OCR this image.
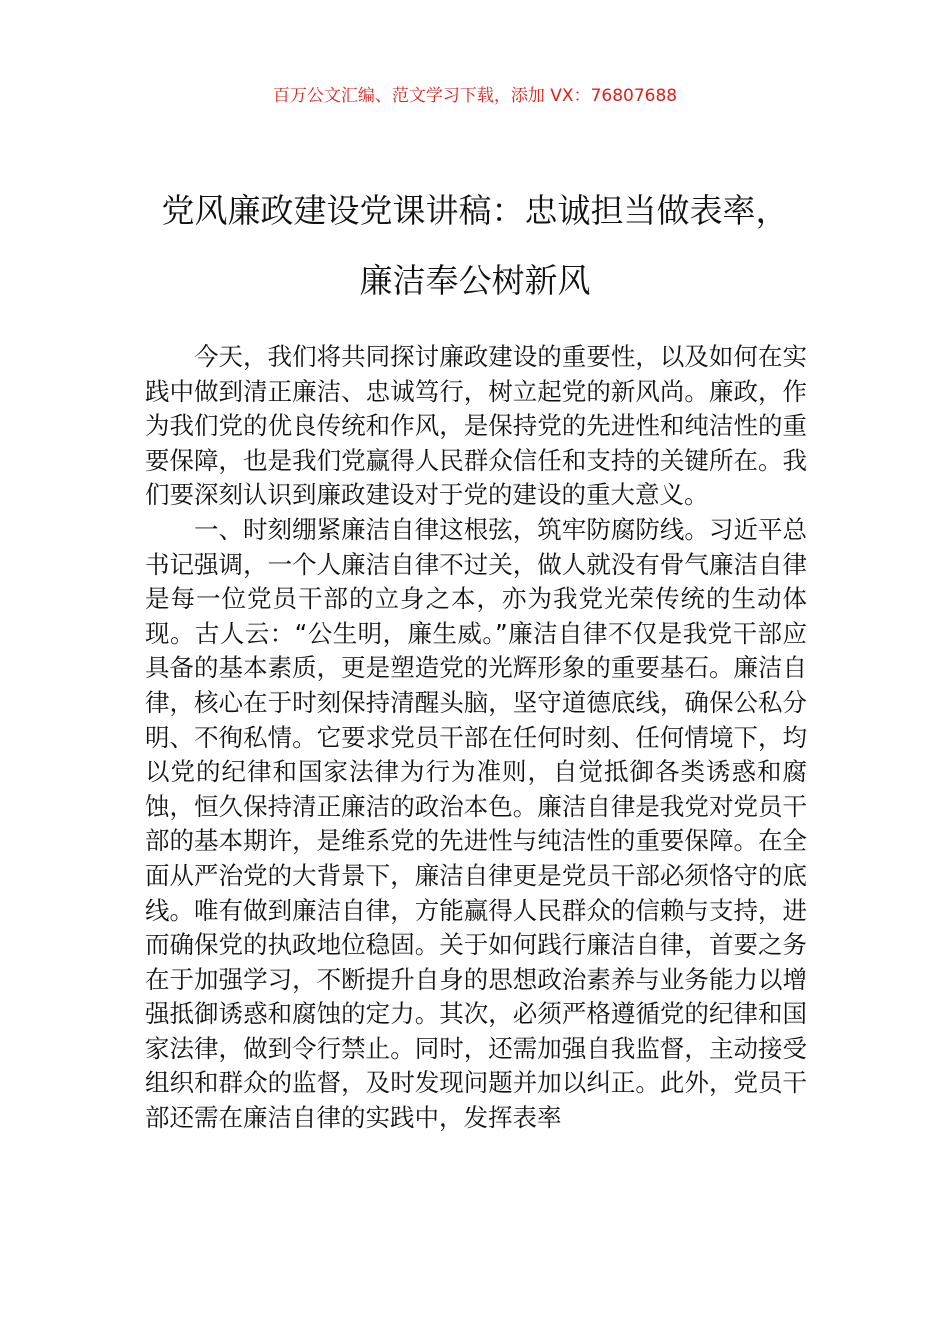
百万公文汇编、范文学习下载，添加 VX：76807688
党风廉政建设党课讲稿：忠诚担当做表率，
廉洁奉公树新风

今天，我们将共同探讨廉政建设的重要性，以及如何在实践中做到清正廉洁、忠诚笃行，树立起党的新风尚。廉政，作为我们党的优良传统和作风，是保持党的先进性和纯洁性的重要保障，也是我们党赢得人民群众信任和支持的关键所在。我们要深刻认识到廉政建设对于党的建设的重大意义。

一、时刻绷紧廉洁自律这根弦，筑牢防腐防线。习近平总书记强调，一个人廉洁自律不过关，做人就没有骨气廉洁自律是每一位党员干部的立身之本，亦为我党光荣传统的生动体现。古人云：“公生明，廉生威。”廉洁自律不仅是我党干部应具备的基本素质，更是塑造党的光辉形象的重要基石。廉洁自律，核心在于时刻保持清醒头脑，坚守道德底线，确保公私分明、不徇私情。它要求党员干部在任何时刻、任何情境下，均以党的纪律和国家法律为行为准则，自觉抵御各类诱惑和腐蚀，恒久保持清正廉洁的政治本色。廉洁自律是我党对党员干部的基本期许，是维系党的先进性与纯洁性的重要保障。在全面从严治党的大背景下，廉洁自律更是党员干部必须恪守的底线。唯有做到廉洁自律，方能赢得人民群众的信赖与支持，进而确保党的执政地位稳固。关于如何践行廉洁自律，首要之务在于加强学习，不断提升自身的思想政治素养与业务能力以增强抵御诱惑和腐蚀的定力。其次，必须严格遵循党的纪律和国家法律，做到令行禁止。同时，还需加强自我监督，主动接受组织和群众的监督，及时发现问题并加以纠正。此外，党员干部还需在廉洁自律的实践中，发挥表率
